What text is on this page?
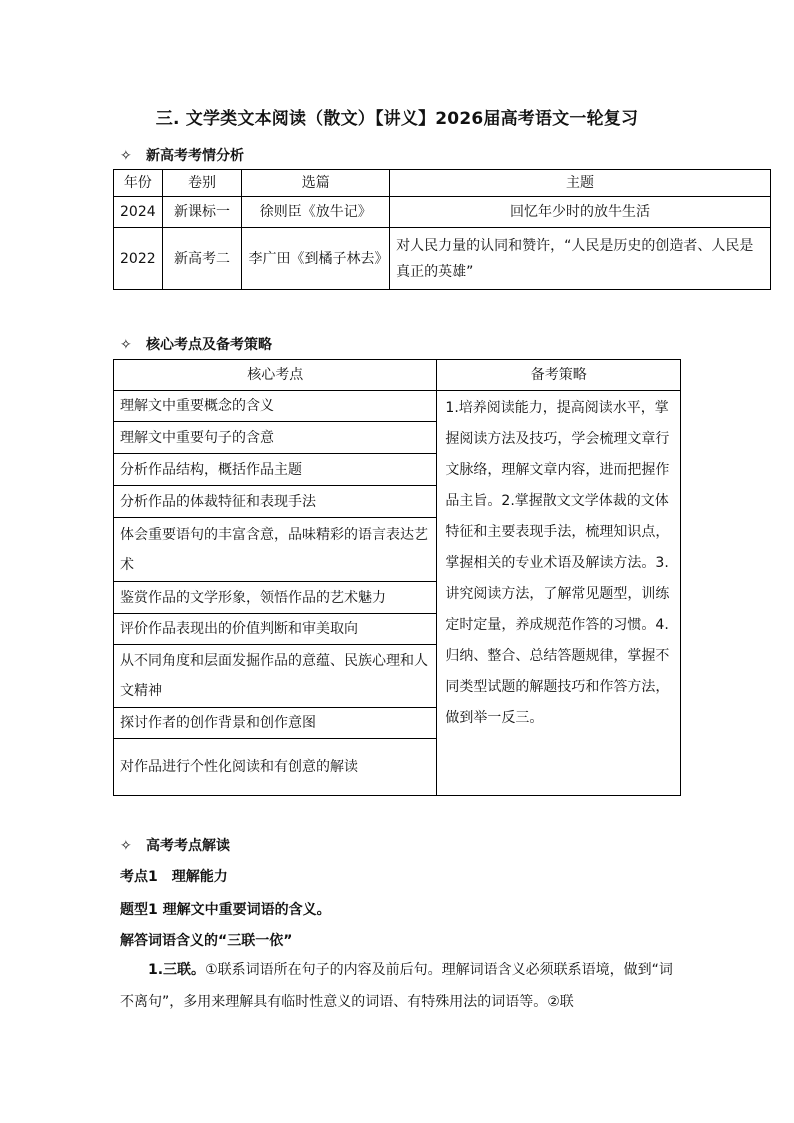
三. 文学类文本阅读（散文）【讲义】2026届高考语文一轮复习
✧ 新高考考情分析
年份	卷别	选篇	主题
2024	新课标一	徐则臣《放牛记》	回忆年少时的放牛生活
2022	新高考二	李广田《到橘子林去》	对人民力量的认同和赞许，“人民是历史的创造者、人民是真正的英雄”
✧ 核心考点及备考策略
核心考点	备考策略
理解文中重要概念的含义	1.培养阅读能力，提高阅读水平，掌握阅读方法及技巧，学会梳理文章行文脉络，理解文章内容，进而把握作品主旨。2.掌握散文文学体裁的文体特征和主要表现手法，梳理知识点，掌握相关的专业术语及解读方法。3.讲究阅读方法，了解常见题型，训练定时定量，养成规范作答的习惯。4.归纳、整合、总结答题规律，掌握不同类型试题的解题技巧和作答方法，做到举一反三。
理解文中重要句子的含意	
分析作品结构，概括作品主题	
分析作品的体裁特征和表现手法	
体会重要语句的丰富含意，品味精彩的语言表达艺术	
鉴赏作品的文学形象，领悟作品的艺术魅力	
评价作品表现出的价值判断和审美取向	
从不同角度和层面发掘作品的意蕴、民族心理和人文精神	
探讨作者的创作背景和创作意图	
对作品进行个性化阅读和有创意的解读	
✧ 高考考点解读
考点1　理解能力
题型1 理解文中重要词语的含义。
解答词语含义的“三联一依”
1.三联。①联系词语所在句子的内容及前后句。理解词语含义必须联系语境，做到“词不离句”，多用来理解具有临时性意义的词语、有特殊用法的词语等。②联
